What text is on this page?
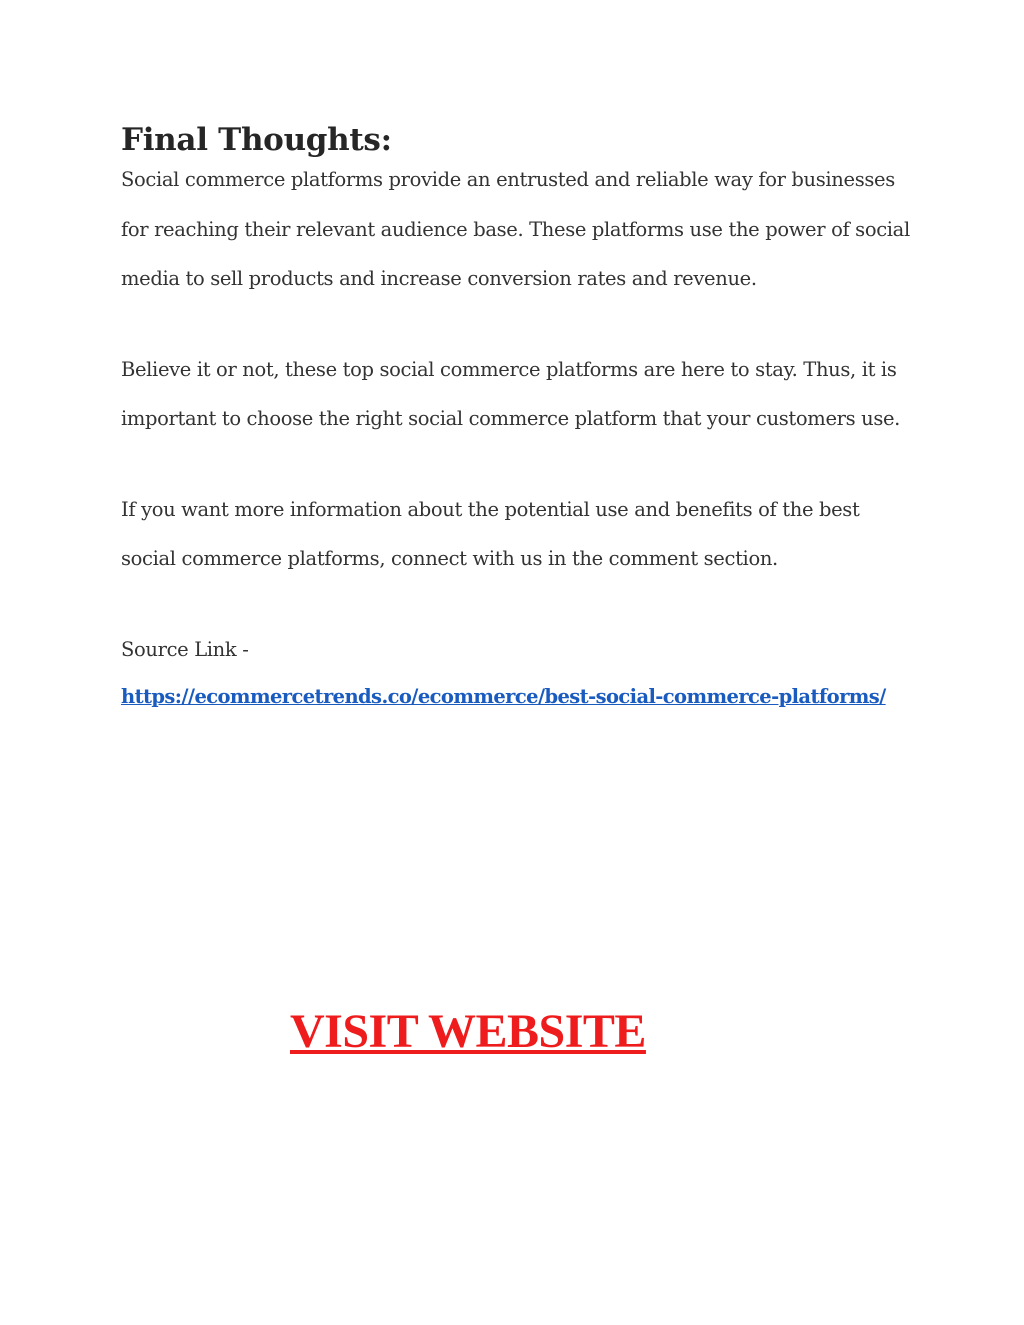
Final Thoughts:

Social commerce platforms provide an entrusted and reliable way for businesses for reaching their relevant audience base. These platforms use the power of social media to sell products and increase conversion rates and revenue.

Believe it or not, these top social commerce platforms are here to stay. Thus, it is important to choose the right social commerce platform that your customers use.

If you want more information about the potential use and benefits of the best social commerce platforms, connect with us in the comment section.

Source Link -

https://ecommercetrends.co/ecommerce/best-social-commerce-platforms/
VISIT WEBSITE
